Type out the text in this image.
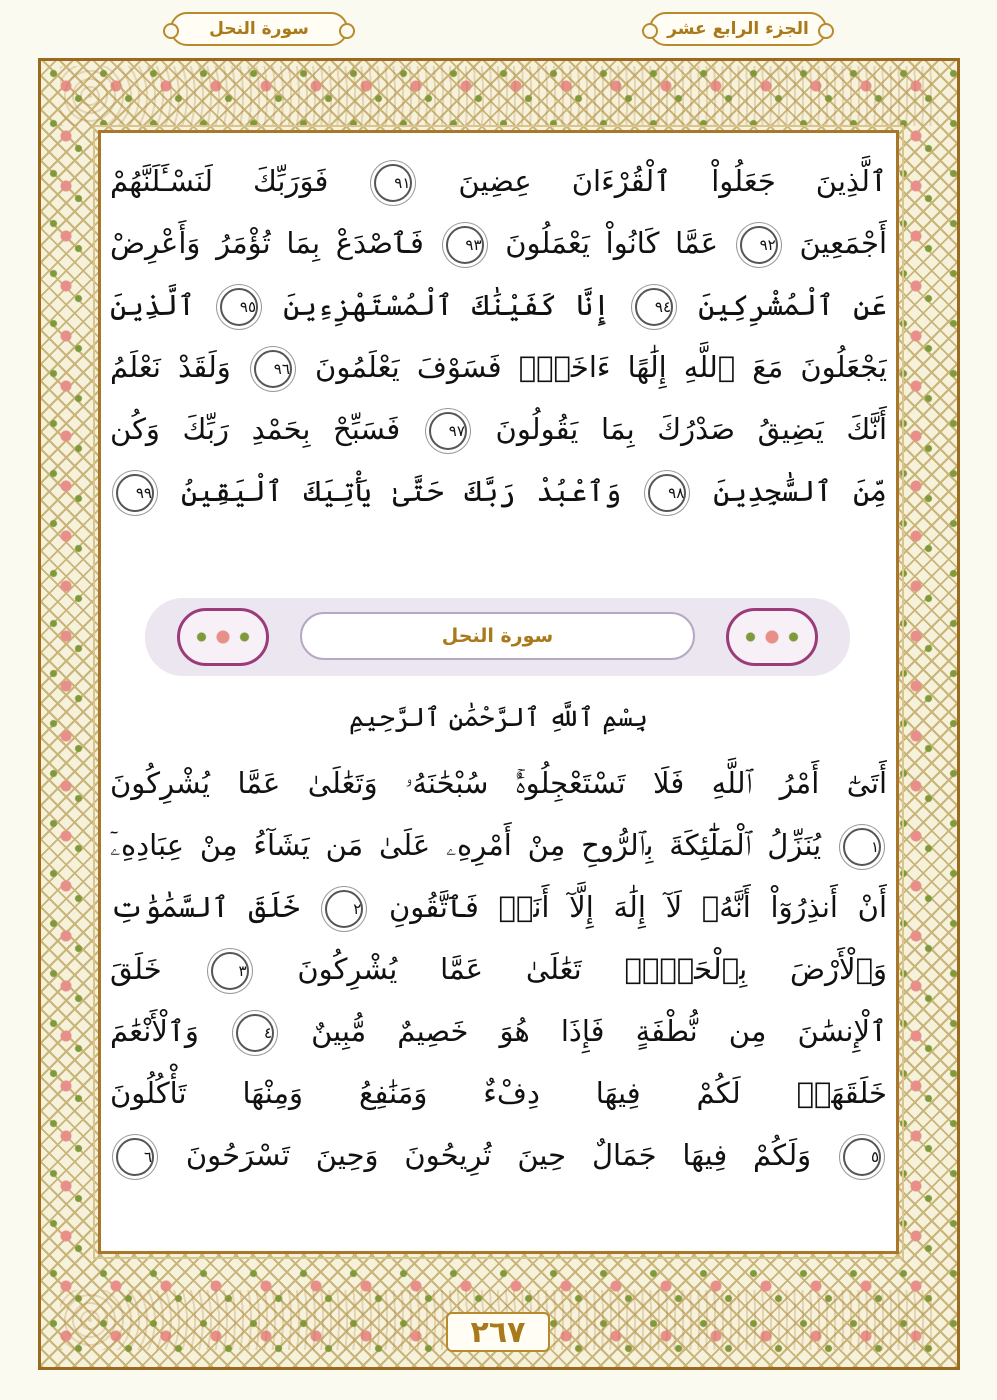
سورة النحل	الجزء الرابع عشر
ٱلَّذِينَ جَعَلُواْ ٱلْقُرْءَانَ عِضِينَ ٩١ فَوَرَبِّكَ لَنَسْـَٔلَنَّهُمْ
أَجْمَعِينَ ٩٢ عَمَّا كَانُواْ يَعْمَلُونَ ٩٣ فَٱصْدَعْ بِمَا تُؤْمَرُ وَأَعْرِضْ
عَنِ ٱلْمُشْرِكِينَ ٩٤ إِنَّا كَفَيْنَٰكَ ٱلْمُسْتَهْزِءِينَ ٩٥ ٱلَّذِينَ
يَجْعَلُونَ مَعَ ٱللَّهِ إِلَٰهًا ءَاخَرَۚ فَسَوْفَ يَعْلَمُونَ ٩٦ وَلَقَدْ نَعْلَمُ
أَنَّكَ يَضِيقُ صَدْرُكَ بِمَا يَقُولُونَ ٩٧ فَسَبِّحْ بِحَمْدِ رَبِّكَ وَكُن
مِّنَ ٱلسَّٰجِدِينَ ٩٨ وَٱعْبُدْ رَبَّكَ حَتَّىٰ يَأْتِيَكَ ٱلْيَقِينُ ٩٩
سورة النحل
بِسْمِ ٱللَّهِ ٱلرَّحْمَٰنِ ٱلرَّحِيمِ
أَتَىٰٓ أَمْرُ ٱللَّهِ فَلَا تَسْتَعْجِلُوهُۚ سُبْحَٰنَهُۥ وَتَعَٰلَىٰ عَمَّا يُشْرِكُونَ
١ يُنَزِّلُ ٱلْمَلَٰٓئِكَةَ بِٱلرُّوحِ مِنْ أَمْرِهِۦ عَلَىٰ مَن يَشَآءُ مِنْ عِبَادِهِۦٓ
أَنْ أَنذِرُوٓاْ أَنَّهُۥ لَآ إِلَٰهَ إِلَّآ أَنَا۠ فَٱتَّقُونِ ٢ خَلَقَ ٱلسَّمَٰوَٰتِ
وَٱلْأَرْضَ بِٱلْحَقِّۚ تَعَٰلَىٰ عَمَّا يُشْرِكُونَ ٣ خَلَقَ
ٱلْإِنسَٰنَ مِن نُّطْفَةٍ فَإِذَا هُوَ خَصِيمٌ مُّبِينٌ ٤ وَٱلْأَنْعَٰمَ
خَلَقَهَاۗ لَكُمْ فِيهَا دِفْءٌ وَمَنَٰفِعُ وَمِنْهَا تَأْكُلُونَ
٥ وَلَكُمْ فِيهَا جَمَالٌ حِينَ تُرِيحُونَ وَحِينَ تَسْرَحُونَ ٦
٢٦٧
